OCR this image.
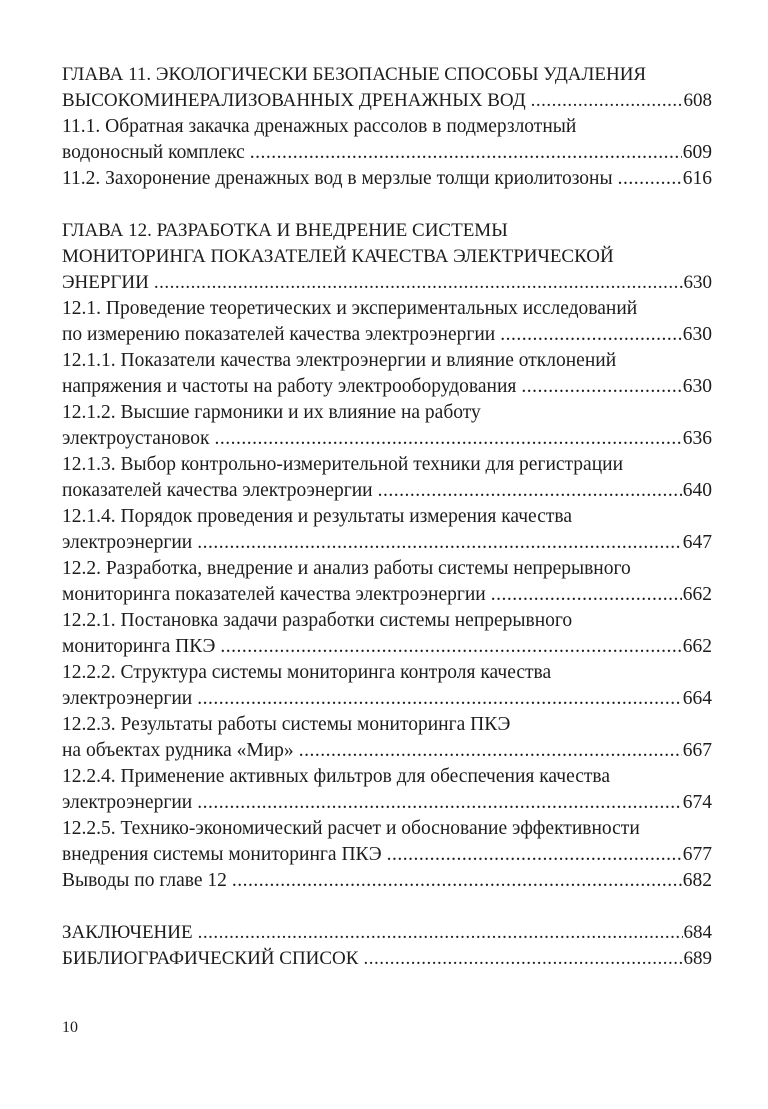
ГЛАВА 11. ЭКОЛОГИЧЕСКИ БЕЗОПАСНЫЕ СПОСОБЫ УДАЛЕНИЯ
ВЫСОКОМИНЕРАЛИЗОВАННЫХ ДРЕНАЖНЫХ ВОД .....	608
11.1. Обратная закачка дренажных рассолов в подмерзлотный
водоносный комплекс .....	609
11.2. Захоронение дренажных вод в мерзлые толщи криолитозоны .....	616
ГЛАВА 12. РАЗРАБОТКА И ВНЕДРЕНИЕ СИСТЕМЫ
МОНИТОРИНГА ПОКАЗАТЕЛЕЙ КАЧЕСТВА ЭЛЕКТРИЧЕСКОЙ
ЭНЕРГИИ .....	630
12.1. Проведение теоретических и экспериментальных исследований
по измерению показателей качества электроэнергии .....	630
12.1.1. Показатели качества электроэнергии и влияние отклонений
напряжения и частоты на работу электрооборудования .....	630
12.1.2. Высшие гармоники и их влияние на работу
электроустановок .....	636
12.1.3. Выбор контрольно-измерительной техники для регистрации
показателей качества электроэнергии .....	640
12.1.4. Порядок проведения и результаты измерения качества
электроэнергии .....	647
12.2. Разработка, внедрение и анализ работы системы непрерывного
мониторинга показателей качества электроэнергии .....	662
12.2.1. Постановка задачи разработки системы непрерывного
мониторинга ПКЭ .....	662
12.2.2. Структура системы мониторинга контроля качества
электроэнергии .....	664
12.2.3. Результаты работы системы мониторинга ПКЭ
на объектах рудника «Мир» .....	667
12.2.4. Применение активных фильтров для обеспечения качества
электроэнергии .....	674
12.2.5. Технико-экономический расчет и обоснование эффективности
внедрения системы мониторинга ПКЭ .....	677
Выводы по главе 12 .....	682
ЗАКЛЮЧЕНИЕ .....	684
БИБЛИОГРАФИЧЕСКИЙ СПИСОК .....	689
10
